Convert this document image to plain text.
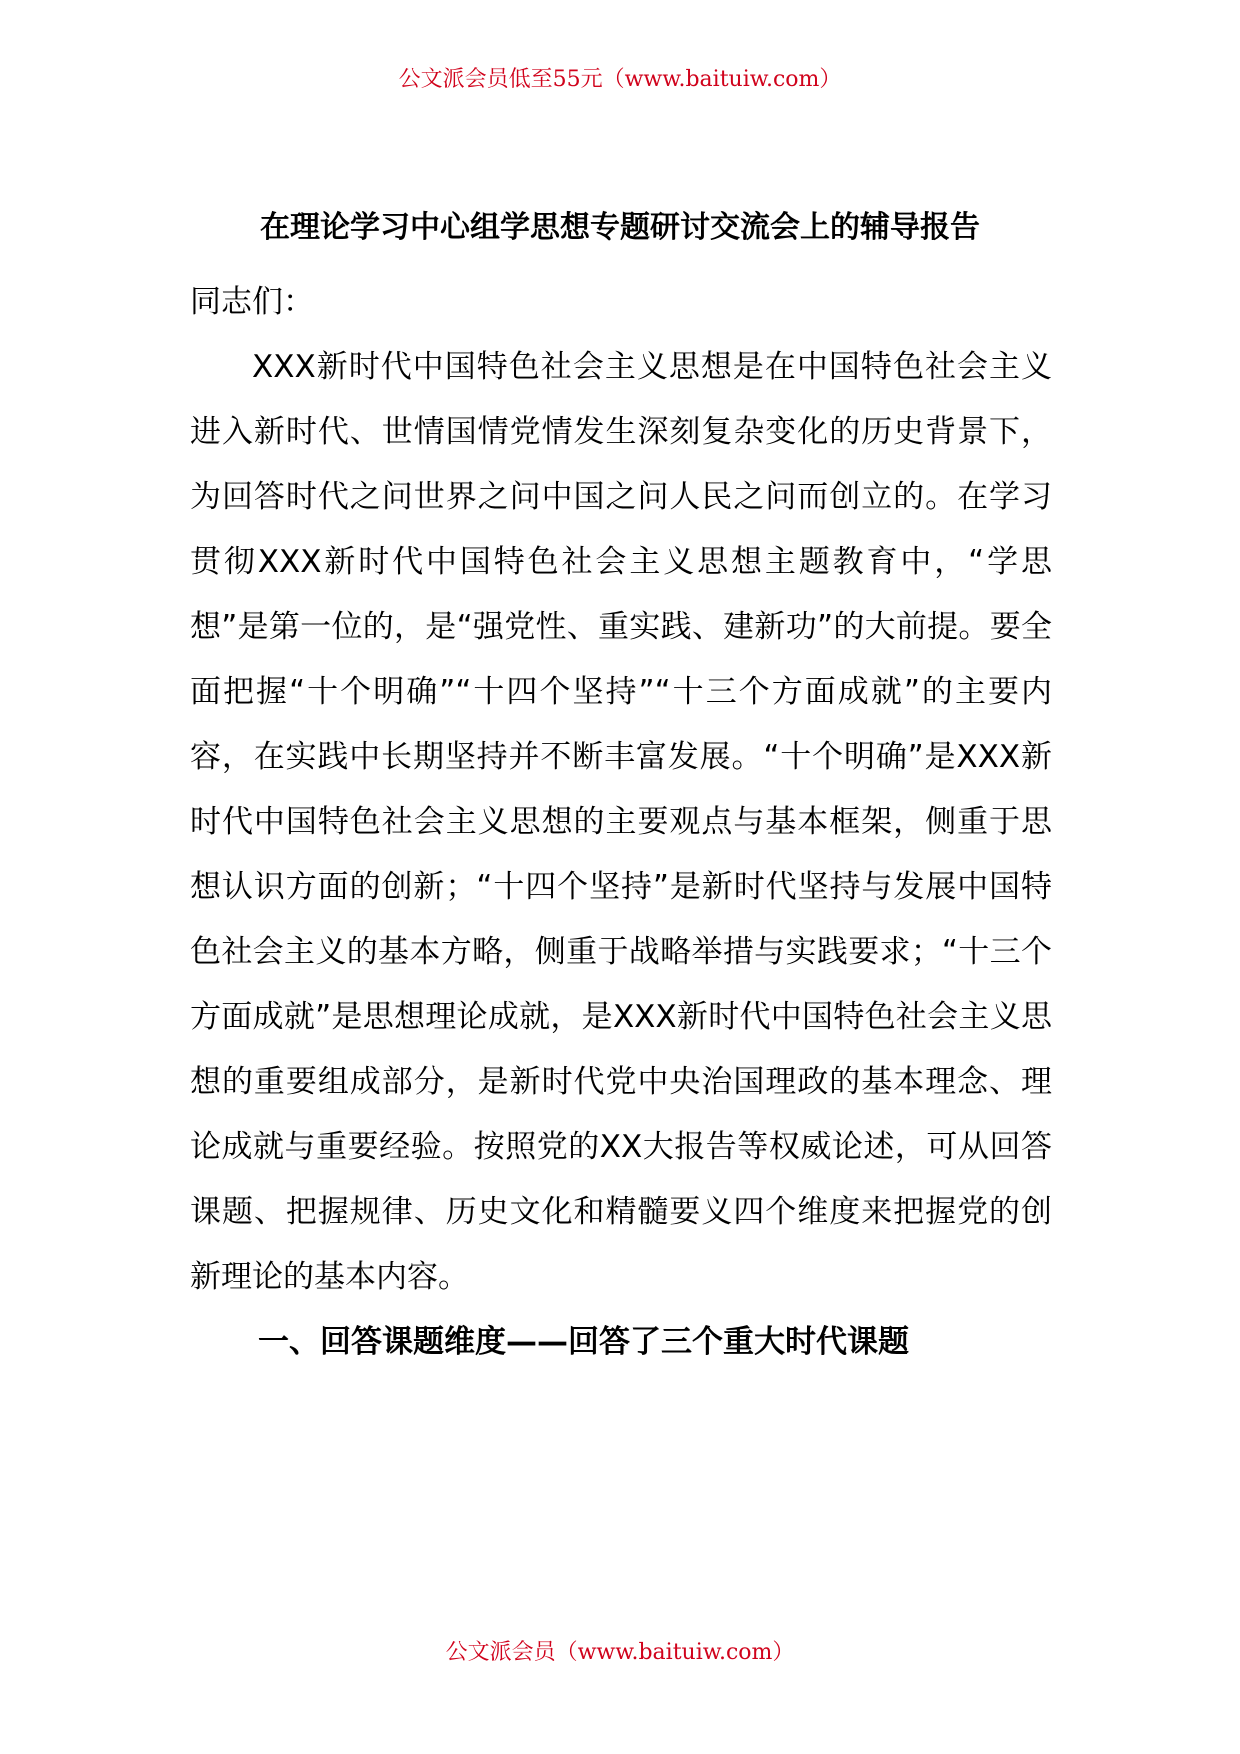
公文派会员低至55元（www.baituiw.com）
在理论学习中心组学思想专题研讨交流会上的辅导报告

同志们：

XXX新时代中国特色社会主义思想是在中国特色社会主义进入新时代、世情国情党情发生深刻复杂变化的历史背景下，为回答时代之问世界之问中国之问人民之问而创立的。在学习贯彻XXX新时代中国特色社会主义思想主题教育中，“学思想”是第一位的，是“强党性、重实践、建新功”的大前提。要全面把握“十个明确”“十四个坚持”“十三个方面成就”的主要内容，在实践中长期坚持并不断丰富发展。“十个明确”是XXX新时代中国特色社会主义思想的主要观点与基本框架，侧重于思想认识方面的创新；“十四个坚持”是新时代坚持与发展中国特色社会主义的基本方略，侧重于战略举措与实践要求；“十三个方面成就”是思想理论成就，是XXX新时代中国特色社会主义思想的重要组成部分，是新时代党中央治国理政的基本理念、理论成就与重要经验。按照党的XX大报告等权威论述，可从回答课题、把握规律、历史文化和精髓要义四个维度来把握党的创新理论的基本内容。

一、回答课题维度——回答了三个重大时代课题

公文派会员（www.baituiw.com）
